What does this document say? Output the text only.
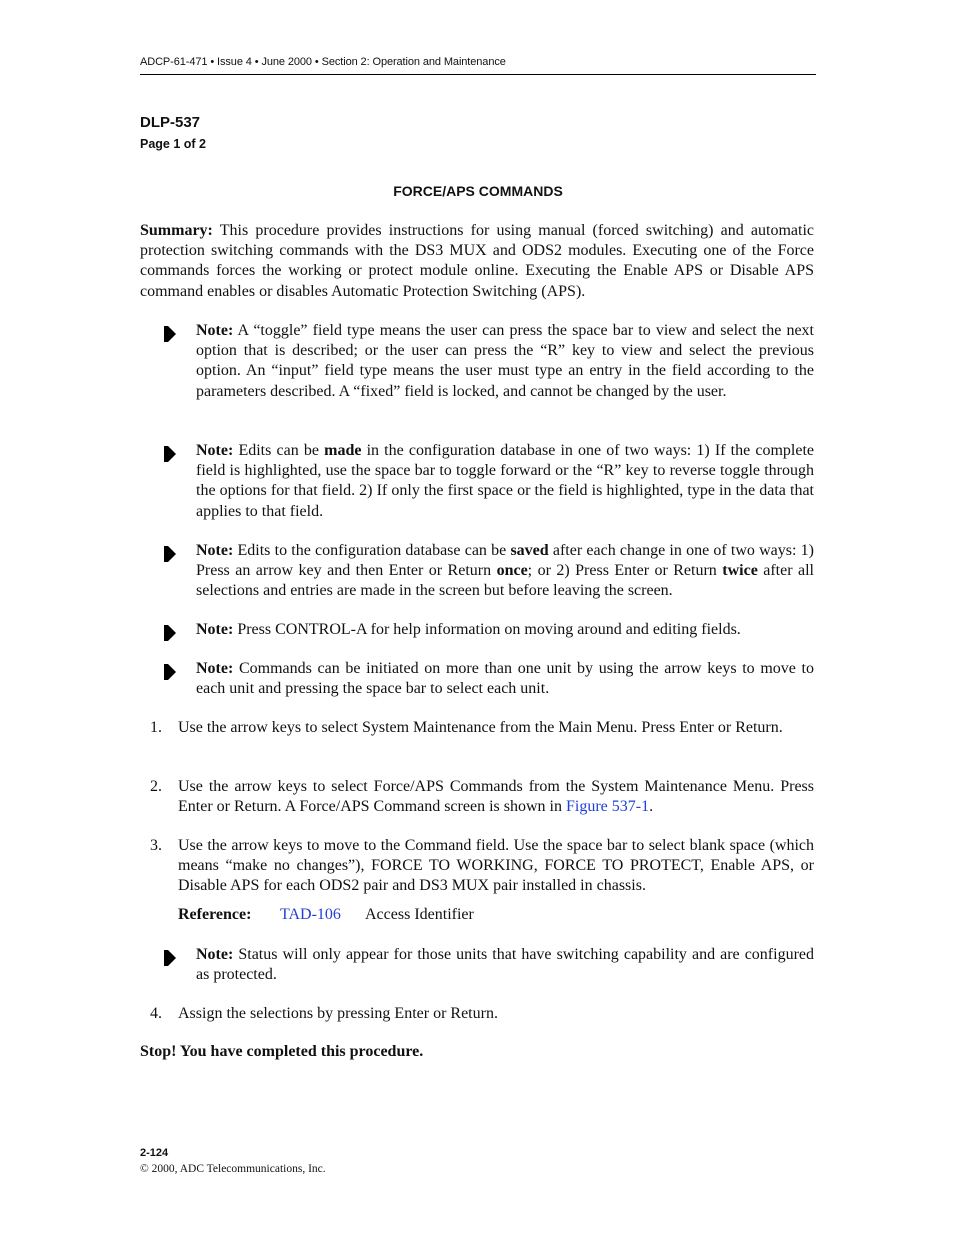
ADCP-61-471 • Issue 4 • June 2000 • Section 2: Operation and Maintenance
DLP-537
Page 1 of 2
FORCE/APS COMMANDS

Summary: This procedure provides instructions for using manual (forced switching) and automatic protection switching commands with the DS3 MUX and ODS2 modules. Executing one of the Force commands forces the working or protect module online. Executing the Enable APS or Disable APS command enables or disables Automatic Protection Switching (APS).

Note: A “toggle” field type means the user can press the space bar to view and select the next option that is described; or the user can press the “R” key to view and select the previous option. An “input” field type means the user must type an entry in the field according to the parameters described. A “fixed” field is locked, and cannot be changed by the user.

Note: Edits can be made in the configuration database in one of two ways: 1) If the complete field is highlighted, use the space bar to toggle forward or the “R” key to reverse toggle through the options for that field. 2) If only the first space or the field is highlighted, type in the data that applies to that field.

Note: Edits to the configuration database can be saved after each change in one of two ways: 1) Press an arrow key and then Enter or Return once; or 2) Press Enter or Return twice after all selections and entries are made in the screen but before leaving the screen.

Note: Press CONTROL-A for help information on moving around and editing fields.

Note: Commands can be initiated on more than one unit by using the arrow keys to move to each unit and pressing the space bar to select each unit.

1. Use the arrow keys to select System Maintenance from the Main Menu. Press Enter or Return.

2. Use the arrow keys to select Force/APS Commands from the System Maintenance Menu. Press Enter or Return. A Force/APS Command screen is shown in Figure 537-1.

3. Use the arrow keys to move to the Command field. Use the space bar to select blank space (which means “make no changes”), FORCE TO WORKING, FORCE TO PROTECT, Enable APS, or Disable APS for each ODS2 pair and DS3 MUX pair installed in chassis.

Reference: TAD-106 Access Identifier

Note: Status will only appear for those units that have switching capability and are configured as protected.

4. Assign the selections by pressing Enter or Return.

Stop! You have completed this procedure.
2-124
© 2000, ADC Telecommunications, Inc.
